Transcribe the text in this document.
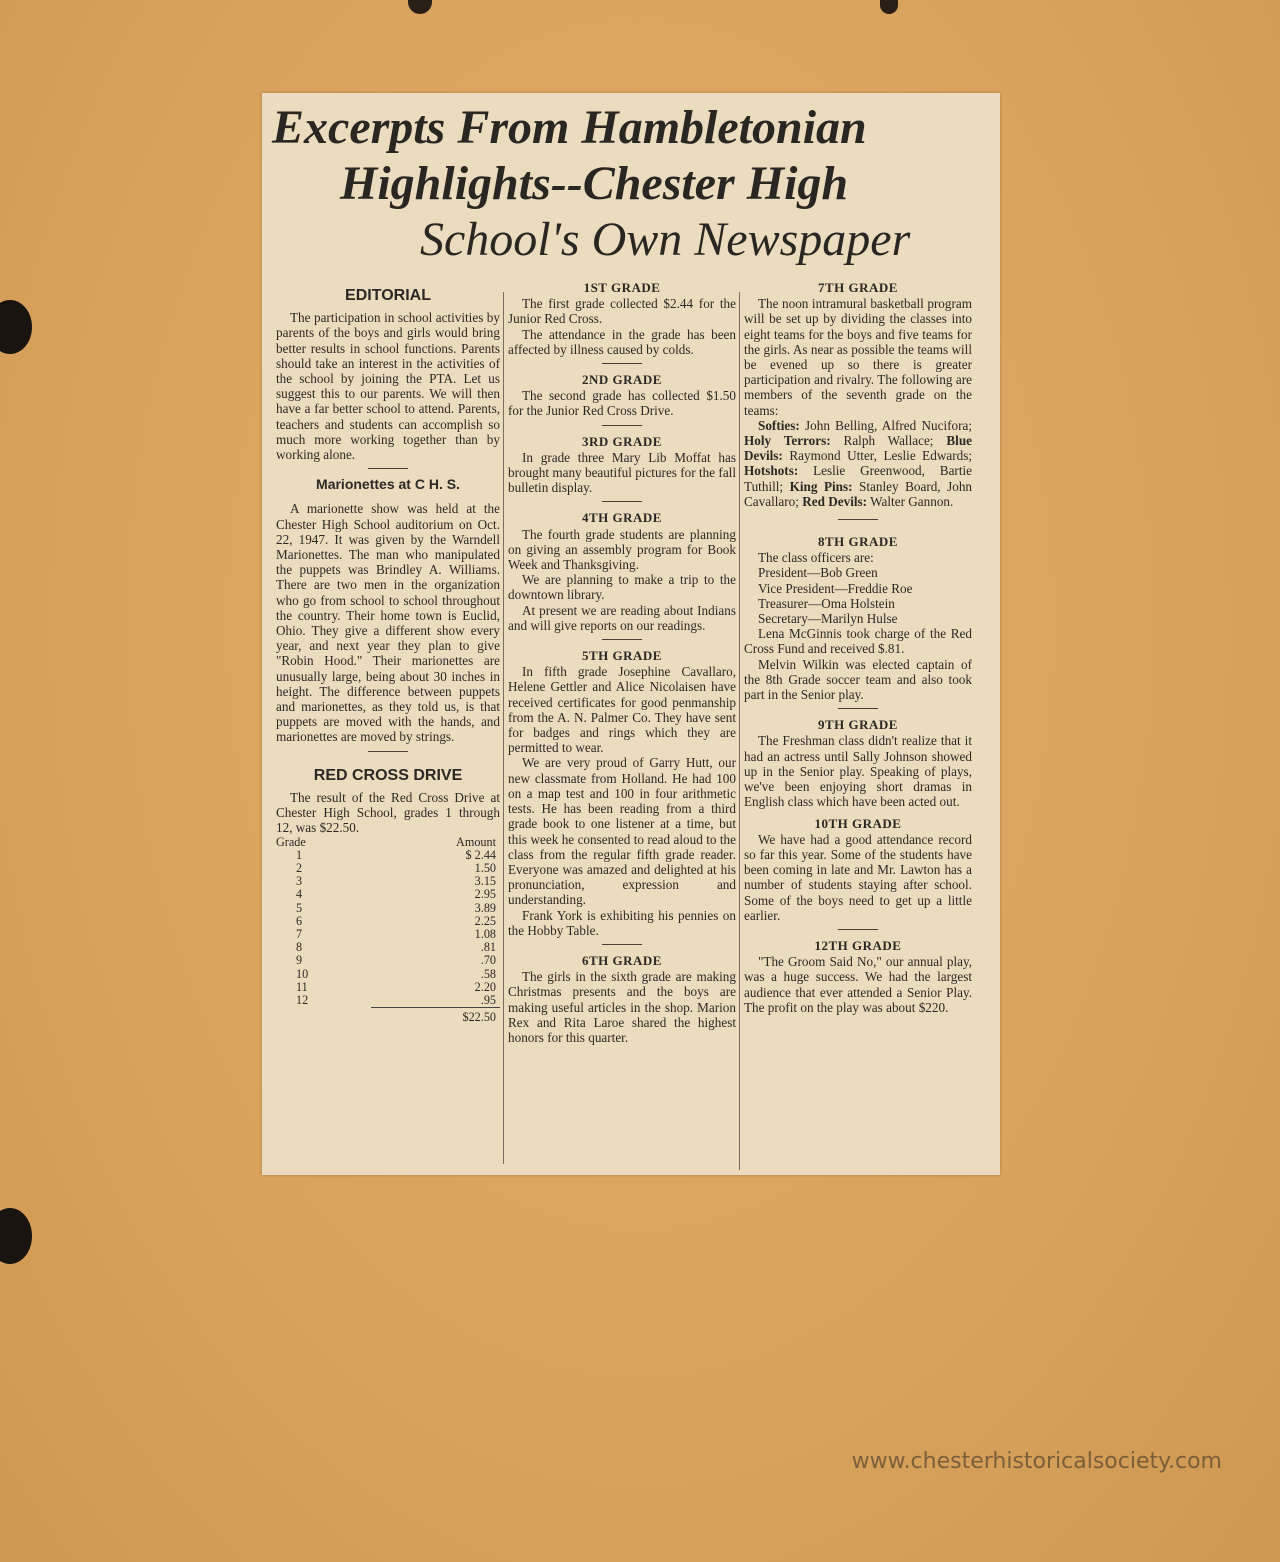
Excerpts From Hambletonian
Highlights--Chester High
School's Own Newspaper
EDITORIAL

The participation in school activities by parents of the boys and girls would bring better results in school functions. Parents should take an interest in the activities of the school by joining the PTA. Let us suggest this to our parents. We will then have a far better school to attend. Parents, teachers and students can accomplish so much more working together than by working alone.

Marionettes at C H. S.

A marionette show was held at the Chester High School auditorium on Oct. 22, 1947. It was given by the Warndell Marionettes. The man who manipulated the puppets was Brindley A. Williams. There are two men in the organization who go from school to school throughout the country. Their home town is Euclid, Ohio. They give a different show every year, and next year they plan to give "Robin Hood." Their marionettes are unusually large, being about 30 inches in height. The difference between puppets and marionettes, as they told us, is that puppets are moved with the hands, and marionettes are moved by strings.

RED CROSS DRIVE

The result of the Red Cross Drive at Chester High School, grades 1 through 12, was $22.50.

Grade	Amount
1	$ 2.44
2	1.50
3	3.15
4	2.95
5	3.89
6	2.25
7	1.08
8	.81
9	.70
10	.58
11	2.20
12	.95
	$22.50
1ST GRADE

The first grade collected $2.44 for the Junior Red Cross.

The attendance in the grade has been affected by illness caused by colds.

2ND GRADE

The second grade has collected $1.50 for the Junior Red Cross Drive.

3RD GRADE

In grade three Mary Lib Moffat has brought many beautiful pictures for the fall bulletin display.

4TH GRADE

The fourth grade students are planning on giving an assembly program for Book Week and Thanksgiving.

We are planning to make a trip to the downtown library.

At present we are reading about Indians and will give reports on our readings.

5TH GRADE

In fifth grade Josephine Cavallaro, Helene Gettler and Alice Nicolaisen have received certificates for good penmanship from the A. N. Palmer Co. They have sent for badges and rings which they are permitted to wear.

We are very proud of Garry Hutt, our new classmate from Holland. He had 100 on a map test and 100 in four arithmetic tests. He has been reading from a third grade book to one listener at a time, but this week he consented to read aloud to the class from the regular fifth grade reader. Everyone was amazed and delighted at his pronunciation, expression and understanding.

Frank York is exhibiting his pennies on the Hobby Table.

6TH GRADE

The girls in the sixth grade are making Christmas presents and the boys are making useful articles in the shop. Marion Rex and Rita Laroe shared the highest honors for this quarter.

7TH GRADE

The noon intramural basketball program will be set up by dividing the classes into eight teams for the boys and five teams for the girls. As near as possible the teams will be evened up so there is greater participation and rivalry. The following are members of the seventh grade on the teams:

Softies: John Belling, Alfred Nucifora; Holy Terrors: Ralph Wallace; Blue Devils: Raymond Utter, Leslie Edwards; Hotshots: Leslie Greenwood, Bartie Tuthill; King Pins: Stanley Board, John Cavallaro; Red Devils: Walter Gannon.

8TH GRADE

The class officers are:

President—Bob Green
Vice President—Freddie Roe
Treasurer—Oma Holstein
Secretary—Marilyn Hulse

Lena McGinnis took charge of the Red Cross Fund and received $.81.

Melvin Wilkin was elected captain of the 8th Grade soccer team and also took part in the Senior play.

9TH GRADE

The Freshman class didn't realize that it had an actress until Sally Johnson showed up in the Senior play. Speaking of plays, we've been enjoying short dramas in English class which have been acted out.

10TH GRADE

We have had a good attendance record so far this year. Some of the students have been coming in late and Mr. Lawton has a number of students staying after school. Some of the boys need to get up a little earlier.

12TH GRADE

"The Groom Said No," our annual play, was a huge success. We had the largest audience that ever attended a Senior Play. The profit on the play was about $220.

www.chesterhistoricalsociety.com
